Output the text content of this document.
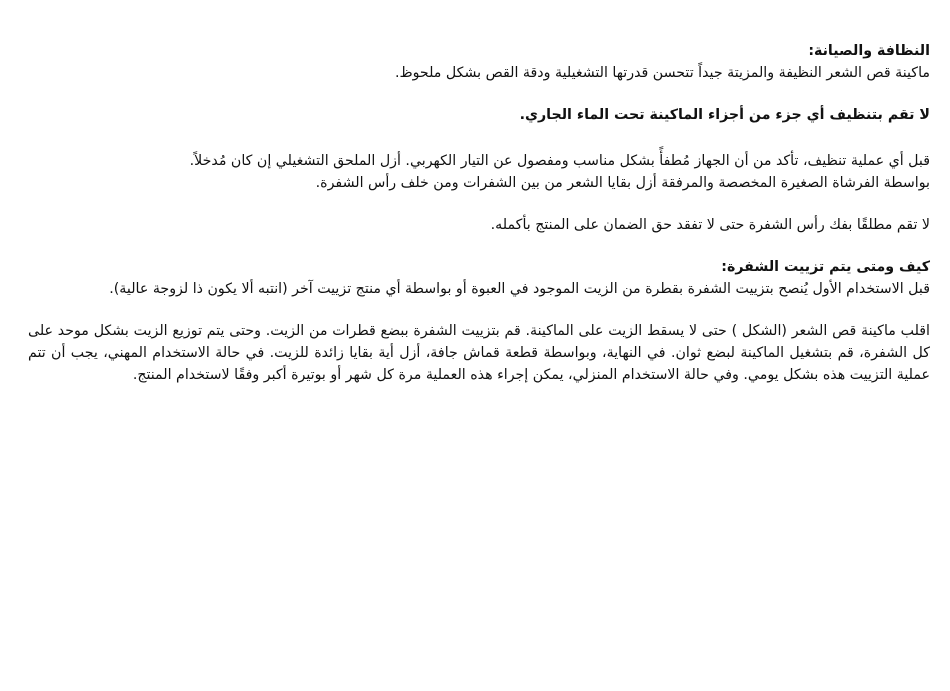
النظافة والصيانة:

ماكينة قص الشعر النظيفة والمزيتة جيداً تتحسن قدرتها التشغيلية ودقة القص بشكل ملحوظ.

لا تقم بتنظيف أي جزء من أجزاء الماكينة تحت الماء الجاري.

قبل أي عملية تنظيف، تأكد من أن الجهاز مُطفأً بشكل مناسب ومفصول عن التيار الكهربي. أزل الملحق التشغيلي إن كان مُدخلاً.

بواسطة الفرشاة الصغيرة المخصصة والمرفقة أزل بقايا الشعر من بين الشفرات ومن خلف رأس الشفرة.

لا تقم مطلقًا بفك رأس الشفرة حتى لا تفقد حق الضمان على المنتج بأكمله.

كيف ومتى يتم تزييت الشفرة:

قبل الاستخدام الأول يُنصح بتزييت الشفرة بقطرة من الزيت الموجود في العبوة أو بواسطة أي منتج تزييت آخر (انتبه ألا يكون ذا لزوجة عالية).

اقلب ماكينة قص الشعر (الشكل ) حتى لا يسقط الزيت على الماكينة. قم بتزييت الشفرة ببضع قطرات من الزيت. وحتى يتم توزيع الزيت بشكل موحد على كل الشفرة، قم بتشغيل الماكينة لبضع ثوان. في النهاية، وبواسطة قطعة قماش جافة، أزل أية بقايا زائدة للزيت. في حالة الاستخدام المهني، يجب أن تتم عملية التزييت هذه بشكل يومي. وفي حالة الاستخدام المنزلي، يمكن إجراء هذه العملية مرة كل شهر أو بوتيرة أكبر وفقًا لاستخدام المنتج.
